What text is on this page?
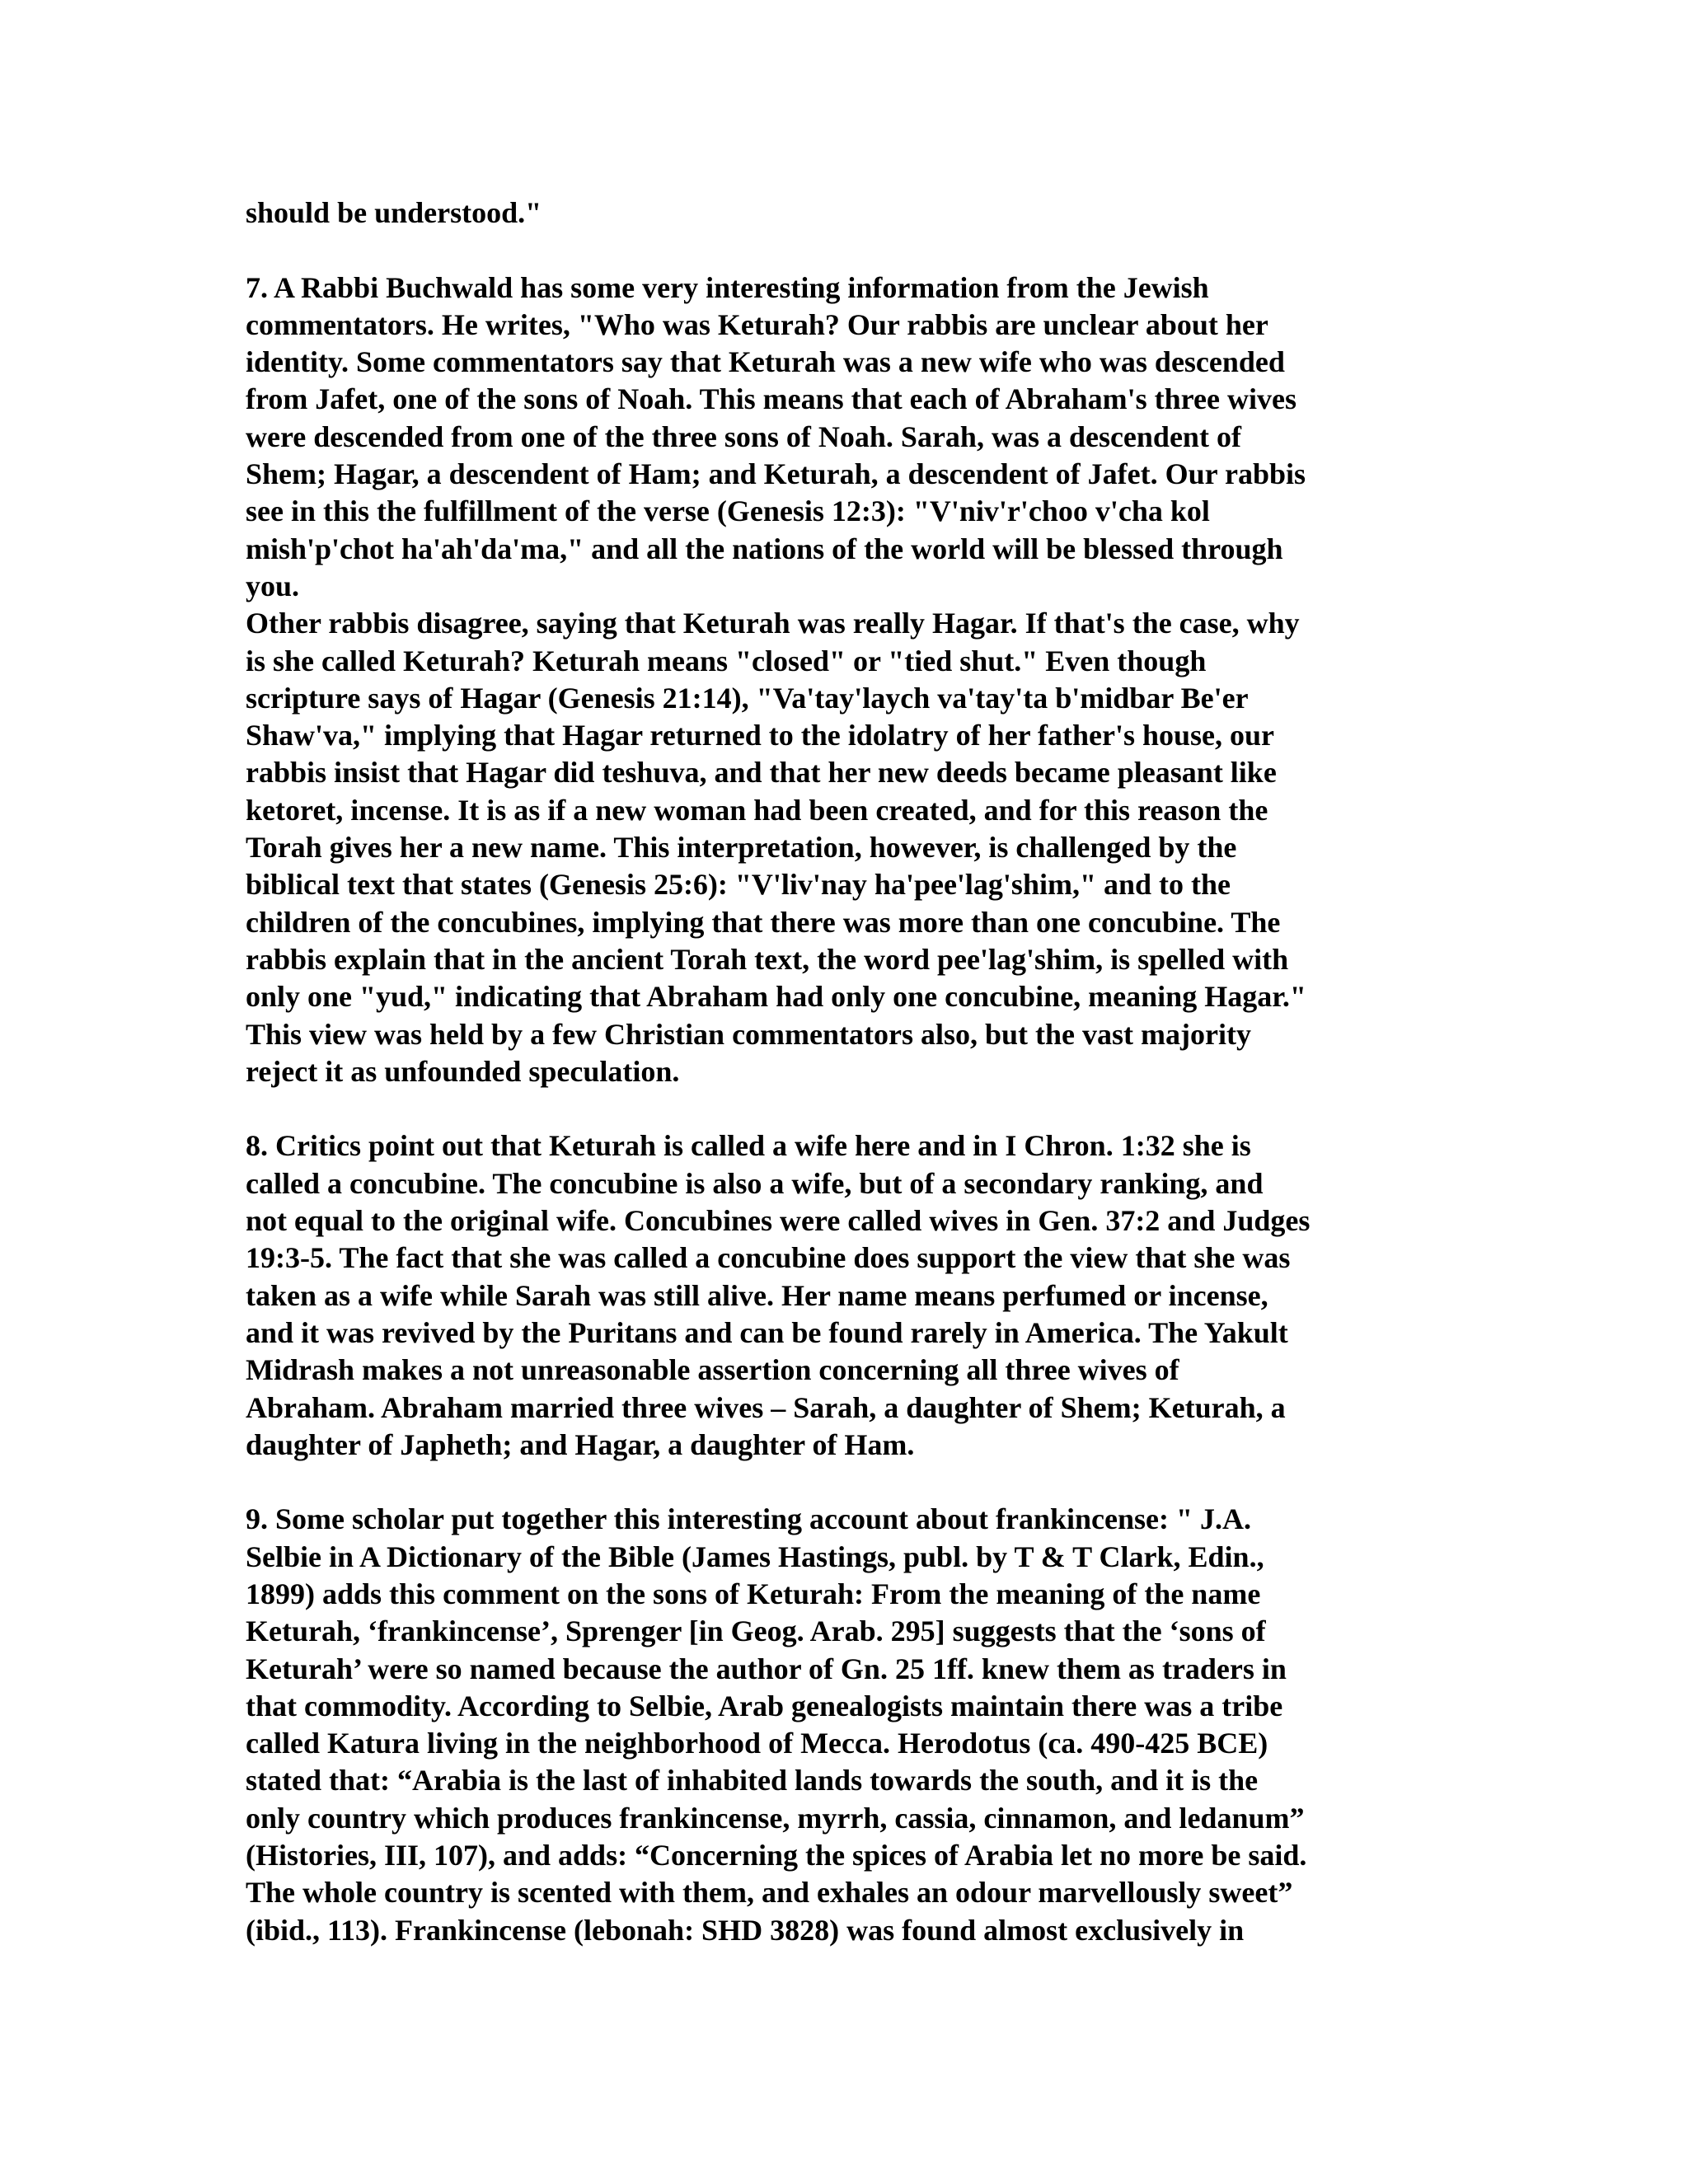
should be understood."
7. A Rabbi Buchwald has some very interesting information from the Jewish
commentators. He writes, "Who was Keturah? Our rabbis are unclear about her
identity. Some commentators say that Keturah was a new wife who was descended
from Jafet, one of the sons of Noah. This means that each of Abraham's three wives
were descended from one of the three sons of Noah. Sarah, was a descendent of
Shem; Hagar, a descendent of Ham; and Keturah, a descendent of Jafet. Our rabbis
see in this the fulfillment of the verse (Genesis 12:3): "V'niv'r'choo v'cha kol
mish'p'chot ha'ah'da'ma," and all the nations of the world will be blessed through
you.
Other rabbis disagree, saying that Keturah was really Hagar. If that's the case, why
is she called Keturah? Keturah means "closed" or "tied shut." Even though
scripture says of Hagar (Genesis 21:14), "Va'tay'laych va'tay'ta b'midbar Be'er
Shaw'va," implying that Hagar returned to the idolatry of her father's house, our
rabbis insist that Hagar did teshuva, and that her new deeds became pleasant like
ketoret, incense. It is as if a new woman had been created, and for this reason the
Torah gives her a new name. This interpretation, however, is challenged by the
biblical text that states (Genesis 25:6): "V'liv'nay ha'pee'lag'shim," and to the
children of the concubines, implying that there was more than one concubine. The
rabbis explain that in the ancient Torah text, the word pee'lag'shim, is spelled with
only one "yud," indicating that Abraham had only one concubine, meaning Hagar."
This view was held by a few Christian commentators also, but the vast majority
reject it as unfounded speculation.
8. Critics point out that Keturah is called a wife here and in I Chron. 1:32 she is
called a concubine. The concubine is also a wife, but of a secondary ranking, and
not equal to the original wife. Concubines were called wives in Gen. 37:2 and Judges
19:3-5. The fact that she was called a concubine does support the view that she was
taken as a wife while Sarah was still alive. Her name means perfumed or incense,
and it was revived by the Puritans and can be found rarely in America. The Yakult
Midrash makes a not unreasonable assertion concerning all three wives of
Abraham. Abraham married three wives – Sarah, a daughter of Shem; Keturah, a
daughter of Japheth; and Hagar, a daughter of Ham.
9. Some scholar put together this interesting account about frankincense: " J.A.
Selbie in A Dictionary of the Bible (James Hastings, publ. by T & T Clark, Edin.,
1899) adds this comment on the sons of Keturah: From the meaning of the name
Keturah, ‘frankincense’, Sprenger [in Geog. Arab. 295] suggests that the ‘sons of
Keturah’ were so named because the author of Gn. 25 1ff. knew them as traders in
that commodity. According to Selbie, Arab genealogists maintain there was a tribe
called Katura living in the neighborhood of Mecca. Herodotus (ca. 490-425 BCE)
stated that: “Arabia is the last of inhabited lands towards the south, and it is the
only country which produces frankincense, myrrh, cassia, cinnamon, and ledanum”
(Histories, III, 107), and adds: “Concerning the spices of Arabia let no more be said.
The whole country is scented with them, and exhales an odour marvellously sweet”
(ibid., 113). Frankincense (lebonah: SHD 3828) was found almost exclusively in
